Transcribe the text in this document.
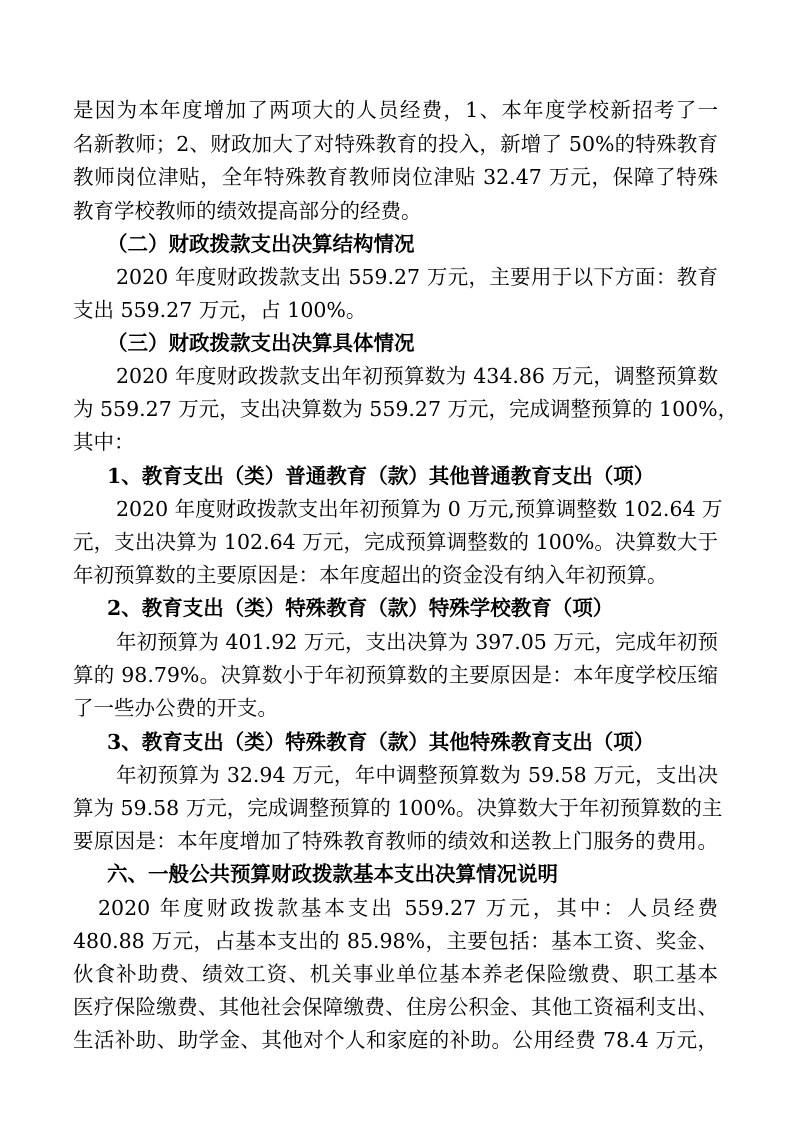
是因为本年度增加了两项大的人员经费，1、本年度学校新招考了一
名新教师；2、财政加大了对特殊教育的投入，新增了 50%的特殊教育
教师岗位津贴，全年特殊教育教师岗位津贴 32.47 万元，保障了特殊
教育学校教师的绩效提高部分的经费。
（二）财政拨款支出决算结构情况
2020 年度财政拨款支出 559.27 万元，主要用于以下方面：教育
支出 559.27 万元，占 100%。
（三）财政拨款支出决算具体情况
2020 年度财政拨款支出年初预算数为 434.86 万元，调整预算数
为 559.27 万元，支出决算数为 559.27 万元，完成调整预算的 100%，
其中：
1、教育支出（类）普通教育（款）其他普通教育支出（项）
2020 年度财政拨款支出年初预算为 0 万元,预算调整数 102.64 万
元，支出决算为 102.64 万元，完成预算调整数的 100%。决算数大于
年初预算数的主要原因是：本年度超出的资金没有纳入年初预算。
2、教育支出（类）特殊教育（款）特殊学校教育（项）
年初预算为 401.92 万元，支出决算为 397.05 万元，完成年初预
算的 98.79%。决算数小于年初预算数的主要原因是：本年度学校压缩
了一些办公费的开支。
3、教育支出（类）特殊教育（款）其他特殊教育支出（项）
年初预算为 32.94 万元，年中调整预算数为 59.58 万元，支出决
算为 59.58 万元，完成调整预算的 100%。决算数大于年初预算数的主
要原因是：本年度增加了特殊教育教师的绩效和送教上门服务的费用。
六、一般公共预算财政拨款基本支出决算情况说明
2020 年度财政拨款基本支出 559.27 万元，其中：人员经费
480.88 万元，占基本支出的 85.98%，主要包括：基本工资、奖金、
伙食补助费、绩效工资、机关事业单位基本养老保险缴费、职工基本
医疗保险缴费、其他社会保障缴费、住房公积金、其他工资福利支出、
生活补助、助学金、其他对个人和家庭的补助。公用经费 78.4 万元，
